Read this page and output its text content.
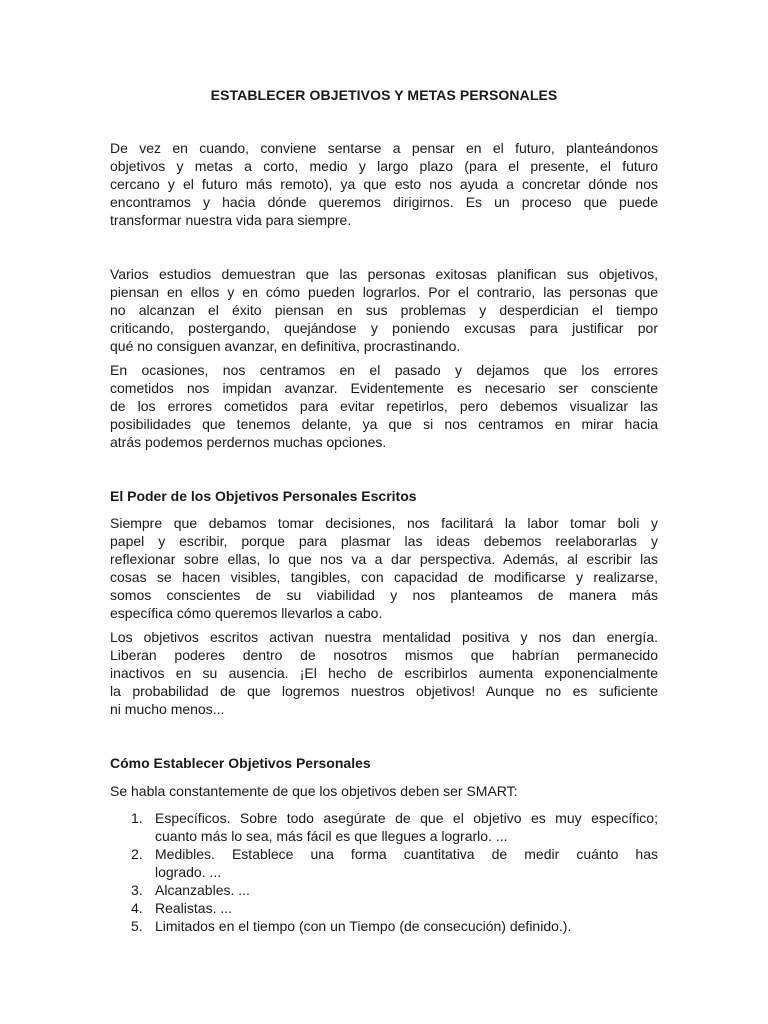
ESTABLECER OBJETIVOS Y METAS PERSONALES
De vez en cuando, conviene sentarse a pensar en el futuro, planteándonos
objetivos y metas a corto, medio y largo plazo (para el presente, el futuro
cercano y el futuro más remoto), ya que esto nos ayuda a concretar dónde nos
encontramos y hacia dónde queremos dirigirnos. Es un proceso que puede
transformar nuestra vida para siempre.
Varios estudios demuestran que las personas exitosas planifican sus objetivos,
piensan en ellos y en cómo pueden lograrlos. Por el contrario, las personas que
no alcanzan el éxito piensan en sus problemas y desperdician el tiempo
criticando, postergando, quejándose y poniendo excusas para justificar por
qué no consiguen avanzar, en definitiva, procrastinando.
En ocasiones, nos centramos en el pasado y dejamos que los errores
cometidos nos impidan avanzar. Evidentemente es necesario ser consciente
de los errores cometidos para evitar repetirlos, pero debemos visualizar las
posibilidades que tenemos delante, ya que si nos centramos en mirar hacia
atrás podemos perdernos muchas opciones.
El Poder de los Objetivos Personales Escritos
Siempre que debamos tomar decisiones, nos facilitará la labor tomar boli y
papel y escribir, porque para plasmar las ideas debemos reelaborarlas y
reflexionar sobre ellas, lo que nos va a dar perspectiva. Además, al escribir las
cosas se hacen visibles, tangibles, con capacidad de modificarse y realizarse,
somos conscientes de su viabilidad y nos planteamos de manera más
específica cómo queremos llevarlos a cabo.
Los objetivos escritos activan nuestra mentalidad positiva y nos dan energía.
Liberan poderes dentro de nosotros mismos que habrían permanecido
inactivos en su ausencia. ¡El hecho de escribirlos aumenta exponencialmente
la probabilidad de que logremos nuestros objetivos! Aunque no es suficiente
ni mucho menos...
Cómo Establecer Objetivos Personales
Se habla constantemente de que los objetivos deben ser SMART:
1. Específicos. Sobre todo asegúrate de que el objetivo es muy específico;
cuanto más lo sea, más fácil es que llegues a lograrlo. ...
2. Medibles. Establece una forma cuantitativa de medir cuánto has
logrado. ...
3. Alcanzables. ...
4. Realistas. ...
5. Limitados en el tiempo (con un Tiempo (de consecución) definido.).
